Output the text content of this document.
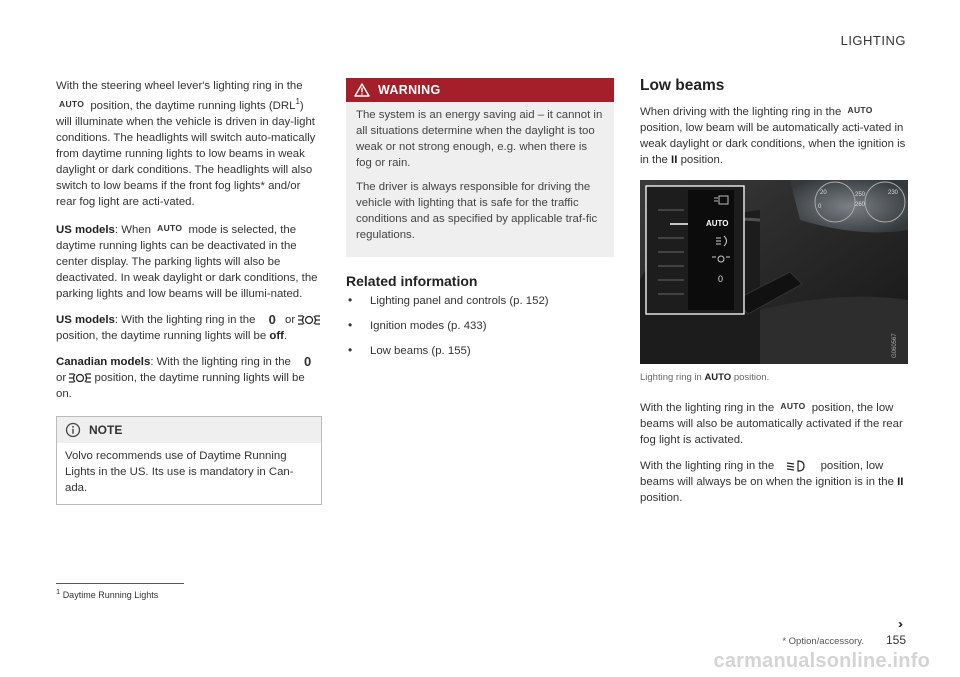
LIGHTING

With the steering wheel lever's lighting ring in the AUTO position, the daytime running lights (DRL$^1$) will illuminate when the vehicle is driven in day-light conditions. The headlights will switch auto-matically from daytime running lights to low beams in weak daylight or dark conditions. The headlights will also switch to low beams if the front fog lights* and/or rear fog light are acti-vated.

US models: When AUTO mode is selected, the daytime running lights can be deactivated in the center display. The parking lights will also be deactivated. In weak daylight or dark conditions, the parking lights and low beams will be illumi-nated.

US models: With the lighting ring in the 0 or  position, the daytime running lights will be off.

Canadian models: With the lighting ring in the 0 or position, the daytime running lights will be on.

NOTE
Volvo recommends use of Daytime Running Lights in the US. Its use is mandatory in Can-ada.
WARNING

The system is an energy saving aid – it cannot in all situations determine when the daylight is too weak or not strong enough, e.g. when there is fog or rain.

The driver is always responsible for driving the vehicle with lighting that is safe for the traffic conditions and as specified by applicable traf-fic regulations.

Related information
• Lighting panel and controls (p. 152)
• Ignition modes (p. 433)
• Low beams (p. 155)
Low beams

When driving with the lighting ring in the AUTO position, low beam will be automatically acti-vated in weak daylight or dark conditions, when the ignition is in the II position.

20	250
260
230
0
AUTO
0
G060567
Lighting ring in AUTO position.

With the lighting ring in the AUTO position, the low beams will also be automatically activated if the rear fog light is activated.

With the lighting ring in the	position, low beams will always be on when the ignition is in the II position.

$^1$ Daytime Running Lights
››
* Option/accessory. 155
carmanualsonline.info
